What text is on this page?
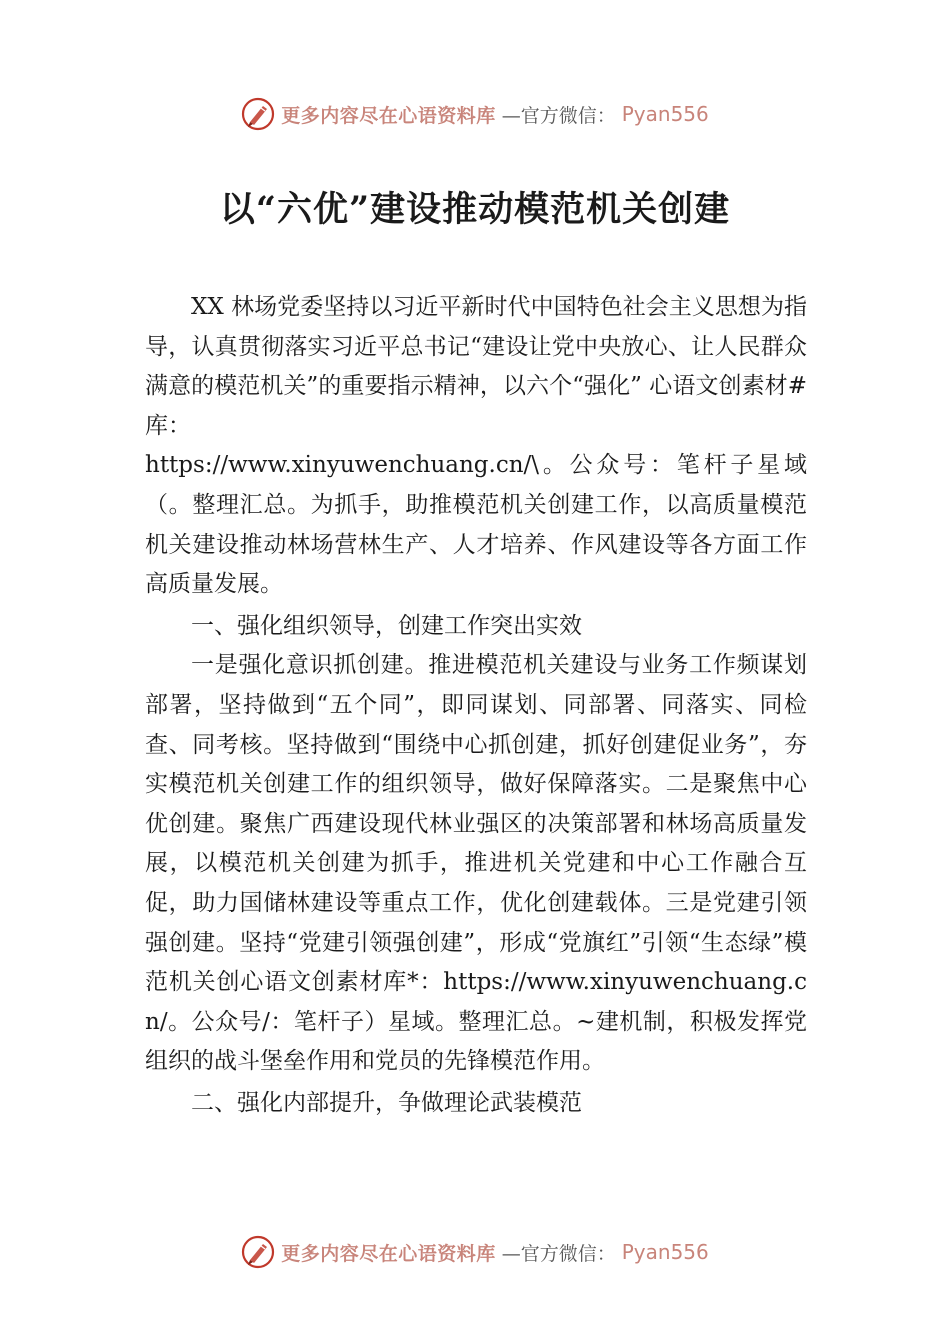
更多内容尽在心语资料库 —官方微信： Pyan556
以“六优”建设推动模范机关创建

XX 林场党委坚持以习近平新时代中国特色社会主义思想为指导，认真贯彻落实习近平总书记“建设让党中央放心、让人民群众满意的模范机关”的重要指示精神，以六个“强化” 心语文创素材#库：

https://www.xinyuwenchuang.cn/\。公众号：笔杆子星域（。整理汇总。为抓手，助推模范机关创建工作，以高质量模范机关建设推动林场营林生产、人才培养、作风建设等各方面工作高质量发展。

一、强化组织领导，创建工作突出实效

一是强化意识抓创建。推进模范机关建设与业务工作频谋划部署，坚持做到“五个同”，即同谋划、同部署、同落实、同检查、同考核。坚持做到“围绕中心抓创建，抓好创建促业务”，夯实模范机关创建工作的组织领导，做好保障落实。二是聚焦中心优创建。聚焦广西建设现代林业强区的决策部署和林场高质量发展，以模范机关创建为抓手，推进机关党建和中心工作融合互促，助力国储林建设等重点工作，优化创建载体。三是党建引领强创建。坚持“党建引领强创建”，形成“党旗红”引领“生态绿”模范机关创心语文创素材库*：https://www.xinyuwenchuang.cn/。公众号/：笔杆子）星域。整理汇总。~建机制，积极发挥党组织的战斗堡垒作用和党员的先锋模范作用。

二、强化内部提升，争做理论武装模范

更多内容尽在心语资料库 —官方微信： Pyan556
